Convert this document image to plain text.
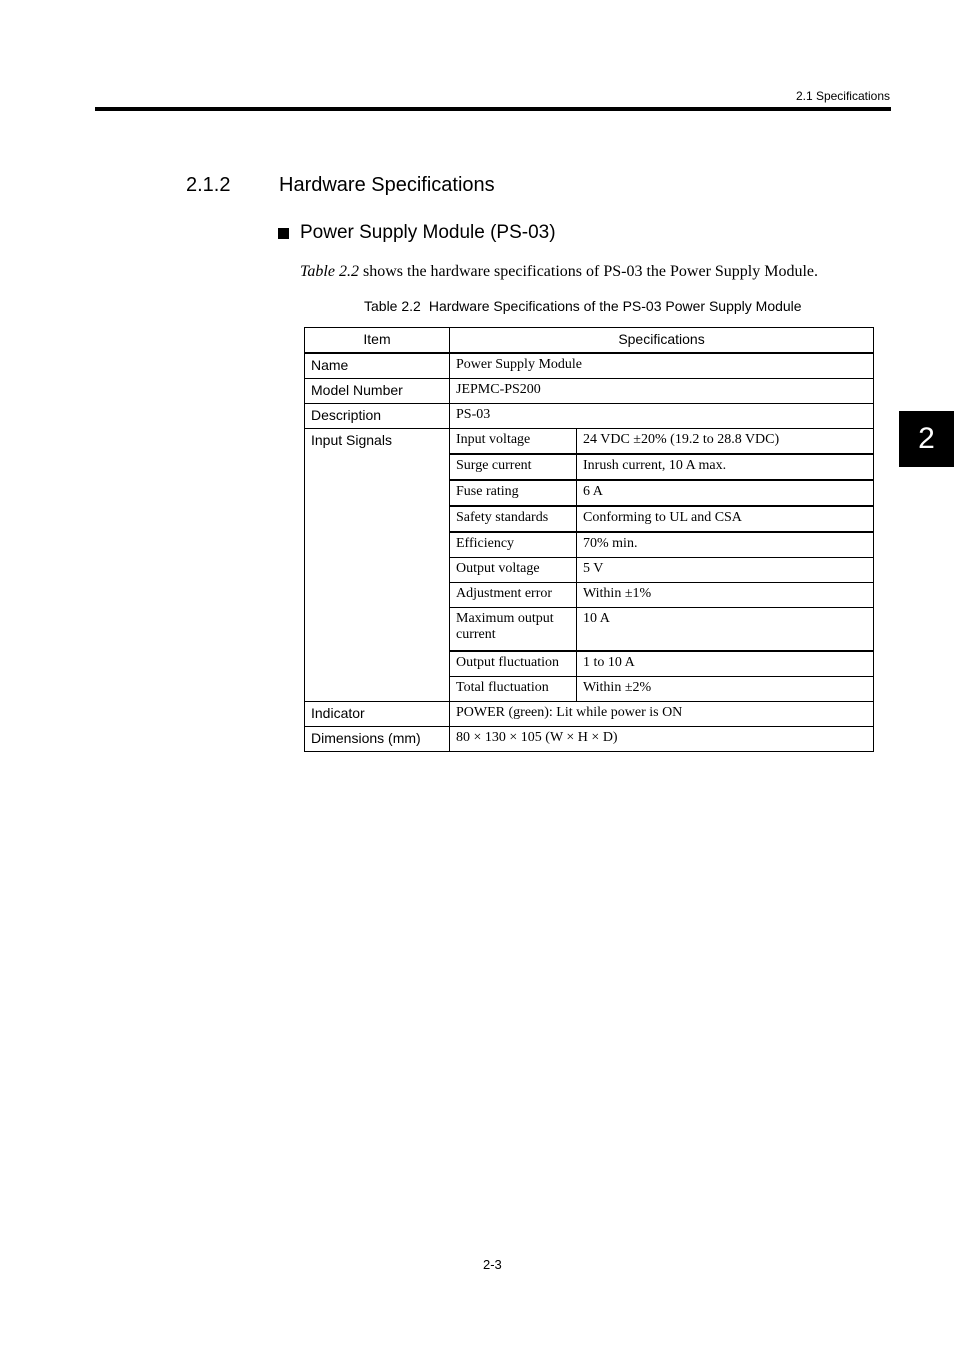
2.1 Specifications
2.1.2 Hardware Specifications
Power Supply Module (PS-03)
Table 2.2 shows the hardware specifications of PS-03 the Power Supply Module.
Table 2.2 Hardware Specifications of the PS-03 Power Supply Module
Item	Specifications	
Name	Power Supply Module	
Model Number	JEPMC-PS200	
Description	PS-03	
Input Signals	Input voltage	24 VDC ±20% (19.2 to 28.8 VDC)
	Surge current	Inrush current, 10 A max.
	Fuse rating	6 A
	Safety standards	Conforming to UL and CSA
	Efficiency	70% min.
	Output voltage	5 V
	Adjustment error	Within ±1%
	Maximum output current	10 A
	Output fluctuation	1 to 10 A
	Total fluctuation	Within ±2%
Indicator	POWER (green): Lit while power is ON	
Dimensions (mm)	80 × 130 × 105 (W × H × D)	
2
2-3
